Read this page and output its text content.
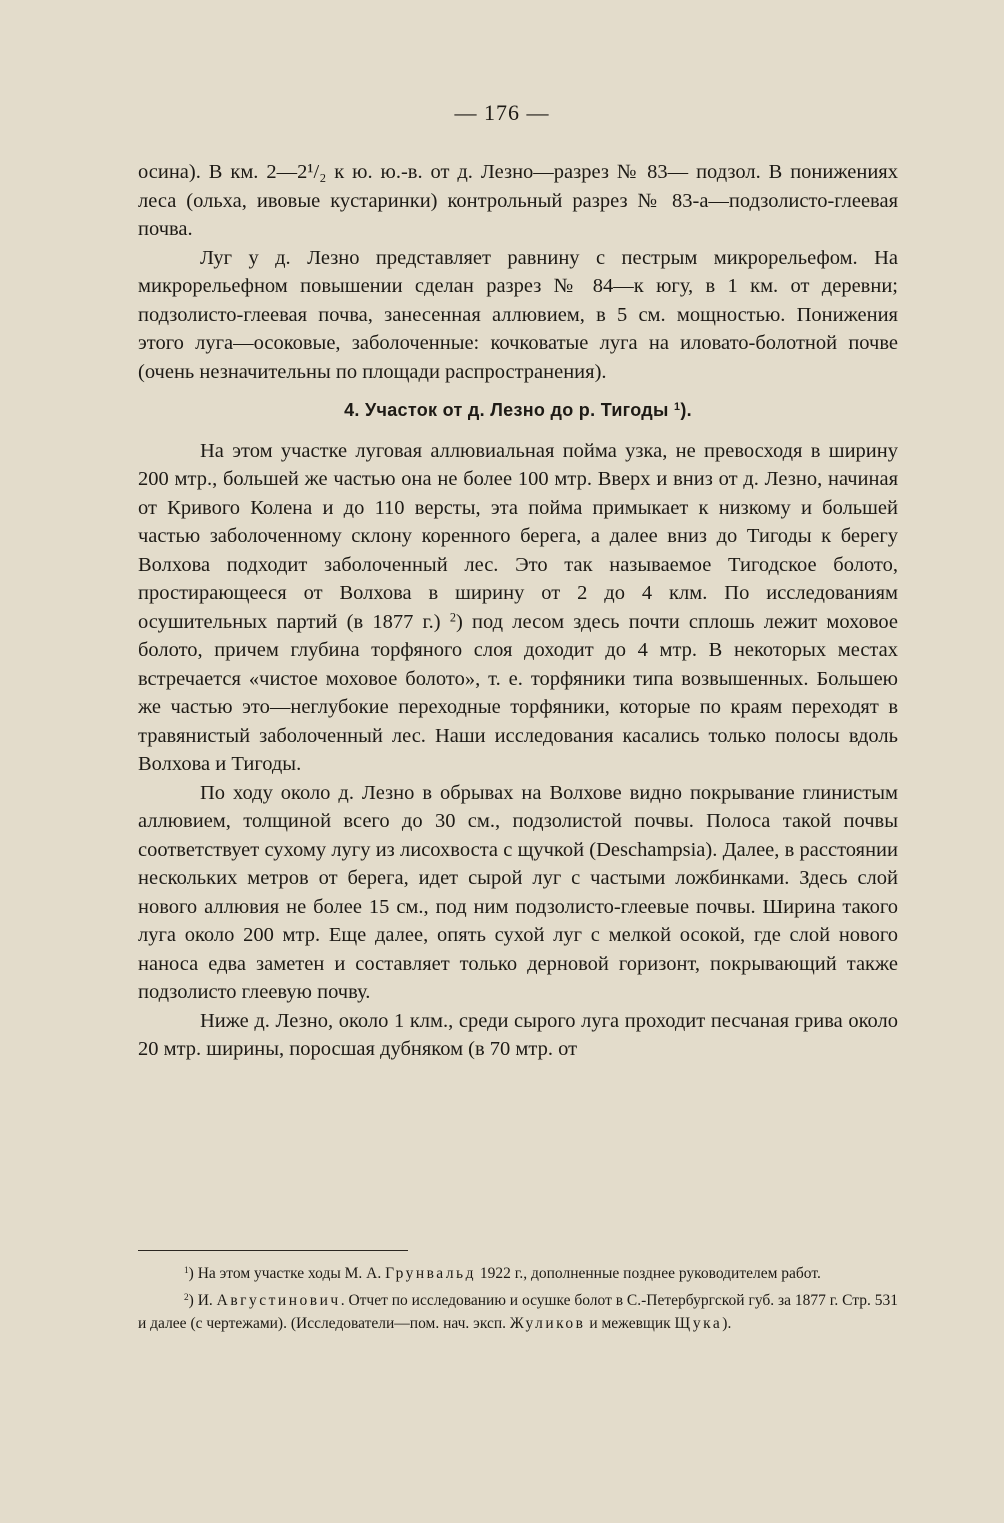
— 176 —

осина). В км. 2—2¹/₂ к ю. ю.-в. от д. Лезно—разрез № 83— подзол. В понижениях леса (ольха, ивовые кустаринки) контрольный разрез № 83-а—подзолисто-глеевая почва.

Луг у д. Лезно представляет равнину с пестрым микрорельефом. На микрорельефном повышении сделан разрез № 84—к югу, в 1 км. от деревни; подзолисто-глеевая почва, занесенная аллювием, в 5 см. мощностью. Понижения этого луга—осоковые, заболоченные: кочковатые луга на иловато-болотной почве (очень незначительны по площади распространения).

4. Участок от д. Лезно до р. Тигоды $^1$).

На этом участке луговая аллювиальная пойма узка, не превосходя в ширину 200 мтр., большей же частью она не более 100 мтр. Вверх и вниз от д. Лезно, начиная от Кривого Колена и до 110 версты, эта пойма примыкает к низкому и большей частью заболоченному склону коренного берега, а далее вниз до Тигоды к берегу Волхова подходит заболоченный лес. Это так называемое Тигодское болото, простирающееся от Волхова в ширину от 2 до 4 клм. По исследованиям осушительных партий (в 1877 г.) $^2$) под лесом здесь почти сплошь лежит моховое болото, причем глубина торфяного слоя доходит до 4 мтр. В некоторых местах встречается «чистое моховое болото», т. е. торфяники типа возвышенных. Большею же частью это—неглубокие переходные торфяники, которые по краям переходят в травянистый заболоченный лес. Наши исследования касались только полосы вдоль Волхова и Тигоды.

По ходу около д. Лезно в обрывах на Волхове видно покрывание глинистым аллювием, толщиной всего до 30 см., подзолистой почвы. Полоса такой почвы соответствует сухому лугу из лисохвоста с щучкой (Deschampsia). Далее, в расстоянии нескольких метров от берега, идет сырой луг с частыми ложбинками. Здесь слой нового аллювия не более 15 см., под ним подзолисто-глеевые почвы. Ширина такого луга около 200 мтр. Еще далее, опять сухой луг с мелкой осокой, где слой нового наноса едва заметен и составляет только дерновой горизонт, покрывающий также подзолисто глеевую почву.

Ниже д. Лезно, около 1 клм., среди сырого луга проходит песчаная грива около 20 мтр. ширины, поросшая дубняком (в 70 мтр. от

$^1$) На этом участке ходы М. А. Грунвальд 1922 г., дополненные позднее руководителем работ.

$^2$) И. Августинович. Отчет по исследованию и осушке болот в С.-Петербургской губ. за 1877 г. Стр. 531 и далее (с чертежами). (Исследователи—пом. нач. эксп. Жуликов и межевщик Щука).
